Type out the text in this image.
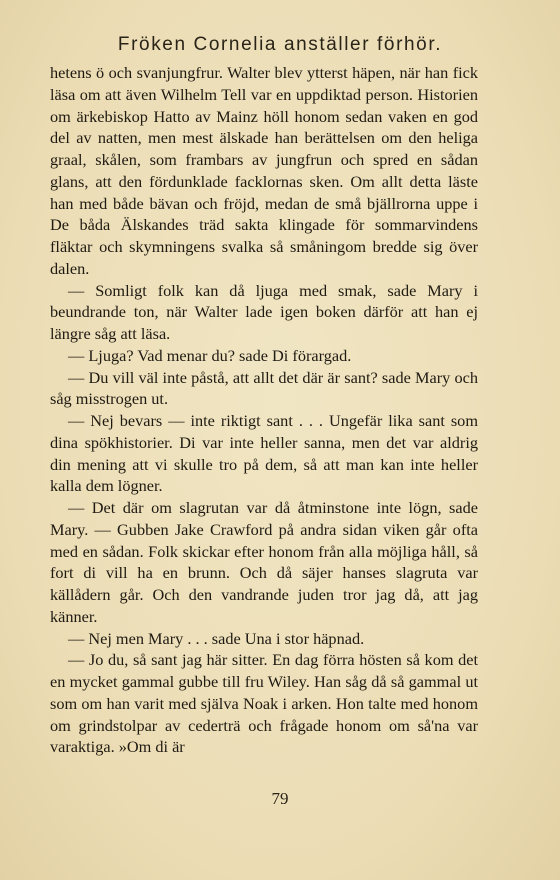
Fröken Cornelia anställer förhör.

hetens ö och svanjungfrur. Walter blev ytterst häpen, när han fick läsa om att även Wilhelm Tell var en uppdiktad person. Historien om ärkebiskop Hatto av Mainz höll honom sedan vaken en god del av natten, men mest älskade han berättelsen om den heliga graal, skålen, som frambars av jungfrun och spred en sådan glans, att den fördunklade facklornas sken. Om allt detta läste han med både bävan och fröjd, medan de små bjällrorna uppe i De båda Älskandes träd sakta klingade för sommarvindens fläktar och skymningens svalka så småningom bredde sig över dalen.

— Somligt folk kan då ljuga med smak, sade Mary i beundrande ton, när Walter lade igen boken därför att han ej längre såg att läsa.

— Ljuga? Vad menar du? sade Di förargad.

— Du vill väl inte påstå, att allt det där är sant? sade Mary och såg misstrogen ut.

— Nej bevars — inte riktigt sant . . . Ungefär lika sant som dina spökhistorier. Di var inte heller sanna, men det var aldrig din mening att vi skulle tro på dem, så att man kan inte heller kalla dem lögner.

— Det där om slagrutan var då åtminstone inte lögn, sade Mary. — Gubben Jake Crawford på andra sidan viken går ofta med en sådan. Folk skickar efter honom från alla möjliga håll, så fort di vill ha en brunn. Och då säjer hanses slagruta var källådern går. Och den vandrande juden tror jag då, att jag känner.

— Nej men Mary . . . sade Una i stor häpnad.

— Jo du, så sant jag här sitter. En dag förra hösten så kom det en mycket gammal gubbe till fru Wiley. Han såg då så gammal ut som om han varit med själva Noak i arken. Hon talte med honom om grindstolpar av cederträ och frågade honom om så'na var varaktiga. »Om di är

79
